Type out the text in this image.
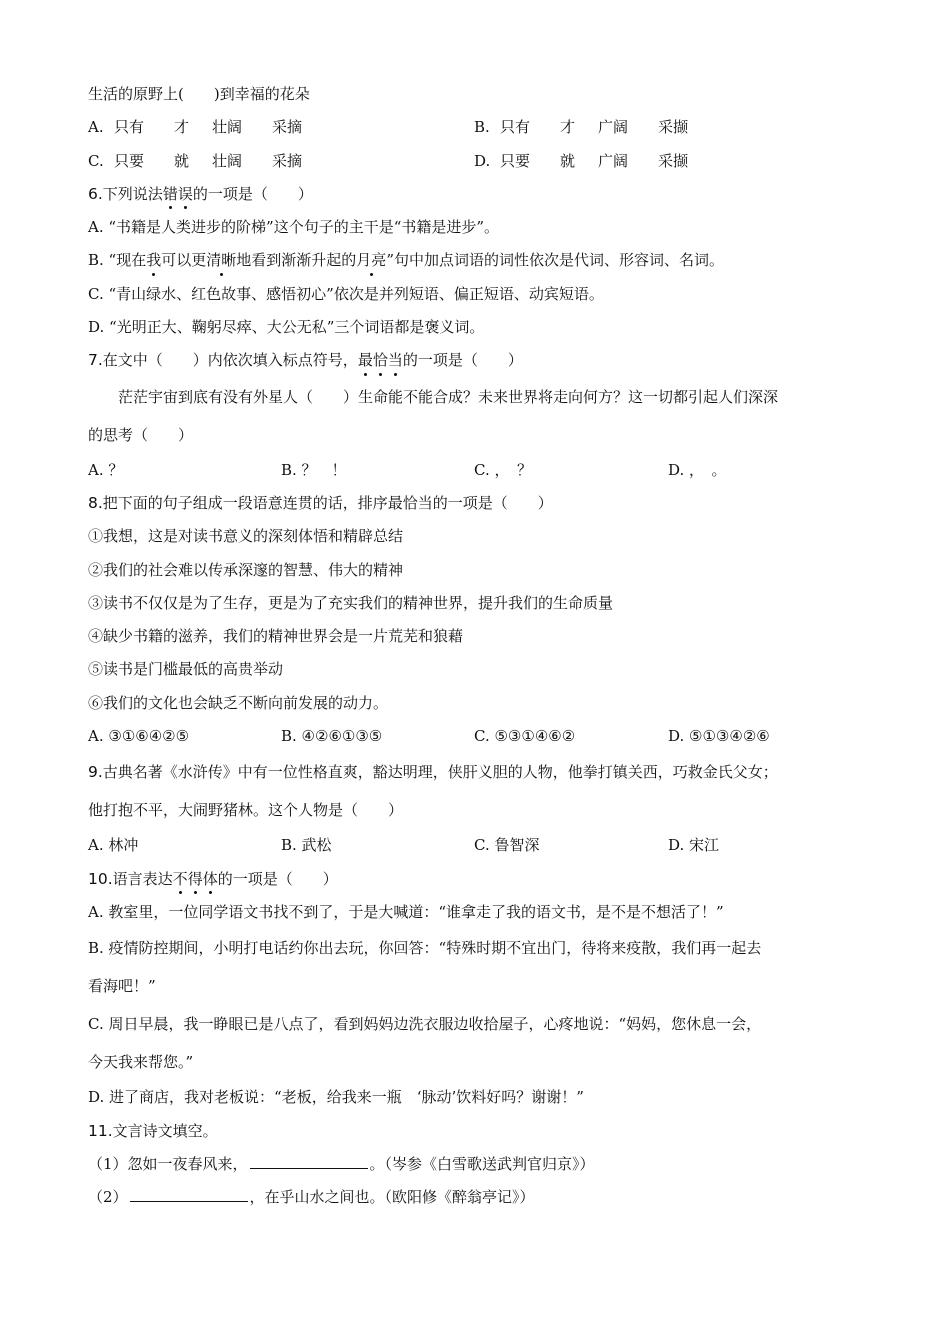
生活的原野上(　　)到幸福的花朵
A. 只有	才	壮阔	采摘	B. 只有	才	广阔	采撷
C. 只要	就	壮阔	采摘	D. 只要	就	广阔	采撷
6.下列说法错误的一项是（　　）
A. “书籍是人类进步的阶梯”这个句子的主干是“书籍是进步”。
B. “现在我可以更清晰地看到渐渐升起的月亮”句中加点词语的词性依次是代词、形容词、名词。
C. “青山绿水、红色故事、感悟初心”依次是并列短语、偏正短语、动宾短语。
D. “光明正大、鞠躬尽瘁、大公无私”三个词语都是褒义词。
7.在文中（　　）内依次填入标点符号，最恰当的一项是（　　）
茫茫宇宙到底有没有外星人（　　）生命能不能合成？未来世界将走向何方？这一切都引起人们深深
的思考（　　）
A. ？　　	B. ？　！	C. ，　？	D. ，　。
8.把下面的句子组成一段语意连贯的话，排序最恰当的一项是（　　）
①我想，这是对读书意义的深刻体悟和精辟总结
②我们的社会难以传承深邃的智慧、伟大的精神
③读书不仅仅是为了生存，更是为了充实我们的精神世界，提升我们的生命质量
④缺少书籍的滋养，我们的精神世界会是一片荒芜和狼藉
⑤读书是门槛最低的高贵举动
⑥我们的文化也会缺乏不断向前发展的动力。
A. ③①⑥④②⑤	B. ④②⑥①③⑤	C. ⑤③①④⑥②	D. ⑤①③④②⑥
9.古典名著《水浒传》中有一位性格直爽，豁达明理，侠肝义胆的人物，他拳打镇关西，巧救金氏父女；
他打抱不平，大闹野猪林。这个人物是（　　）
A. 林冲	B. 武松	C. 鲁智深	D. 宋江
10.语言表达不得体的一项是（　　）
A. 教室里，一位同学语文书找不到了，于是大喊道：“谁拿走了我的语文书，是不是不想活了！”
B. 疫情防控期间，小明打电话约你出去玩，你回答：“特殊时期不宜出门，待将来疫散，我们再一起去
看海吧！”
C. 周日早晨，我一睁眼已是八点了，看到妈妈边洗衣服边收拾屋子，心疼地说：“妈妈，您休息一会，
今天我来帮您。”
D. 进了商店，我对老板说：“老板，给我来一瓶　‘脉动’饮料好吗？谢谢！”
11.文言诗文填空。
（1）忽如一夜春风来，	。（岑参《白雪歌送武判官归京》）
（2）	，在乎山水之间也。（欧阳修《醉翁亭记》）
